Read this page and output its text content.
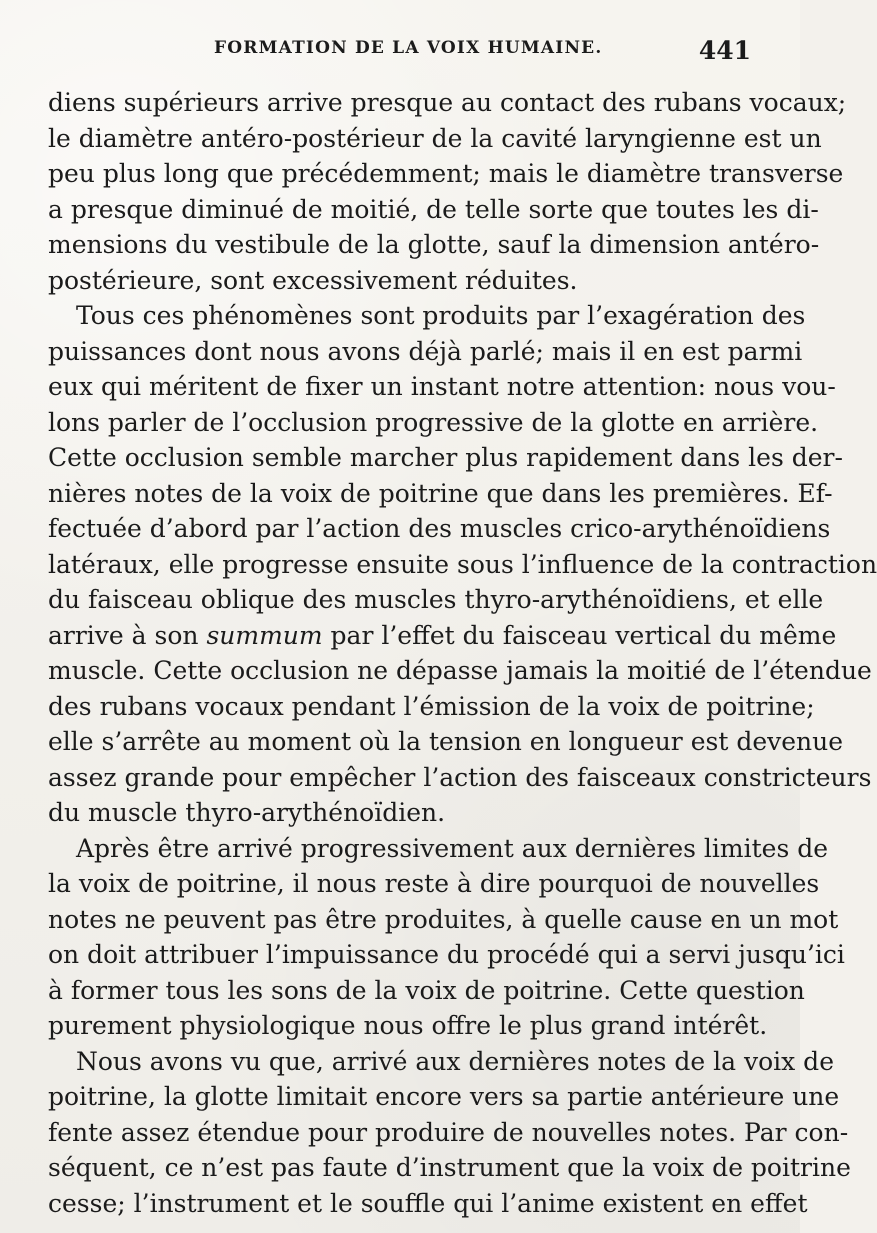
FORMATION DE LA VOIX HUMAINE.	441
diens supérieurs arrive presque au contact des rubans vocaux;
le diamètre antéro-postérieur de la cavité laryngienne est un
peu plus long que précédemment; mais le diamètre transverse
a presque diminué de moitié, de telle sorte que toutes les di-
mensions du vestibule de la glotte, sauf la dimension antéro-
postérieure, sont excessivement réduites.
Tous ces phénomènes sont produits par l’exagération des
puissances dont nous avons déjà parlé; mais il en est parmi
eux qui méritent de fixer un instant notre attention: nous vou-
lons parler de l’occlusion progressive de la glotte en arrière.
Cette occlusion semble marcher plus rapidement dans les der-
nières notes de la voix de poitrine que dans les premières. Ef-
fectuée d’abord par l’action des muscles crico-arythénoïdiens
latéraux, elle progresse ensuite sous l’influence de la contraction
du faisceau oblique des muscles thyro-arythénoïdiens, et elle
arrive à son summum par l’effet du faisceau vertical du même
muscle. Cette occlusion ne dépasse jamais la moitié de l’étendue
des rubans vocaux pendant l’émission de la voix de poitrine;
elle s’arrête au moment où la tension en longueur est devenue
assez grande pour empêcher l’action des faisceaux constricteurs
du muscle thyro-arythénoïdien.
Après être arrivé progressivement aux dernières limites de
la voix de poitrine, il nous reste à dire pourquoi de nouvelles
notes ne peuvent pas être produites, à quelle cause en un mot
on doit attribuer l’impuissance du procédé qui a servi jusqu’ici
à former tous les sons de la voix de poitrine. Cette question
purement physiologique nous offre le plus grand intérêt.
Nous avons vu que, arrivé aux dernières notes de la voix de
poitrine, la glotte limitait encore vers sa partie antérieure une
fente assez étendue pour produire de nouvelles notes. Par con-
séquent, ce n’est pas faute d’instrument que la voix de poitrine
cesse; l’instrument et le souffle qui l’anime existent en effet
